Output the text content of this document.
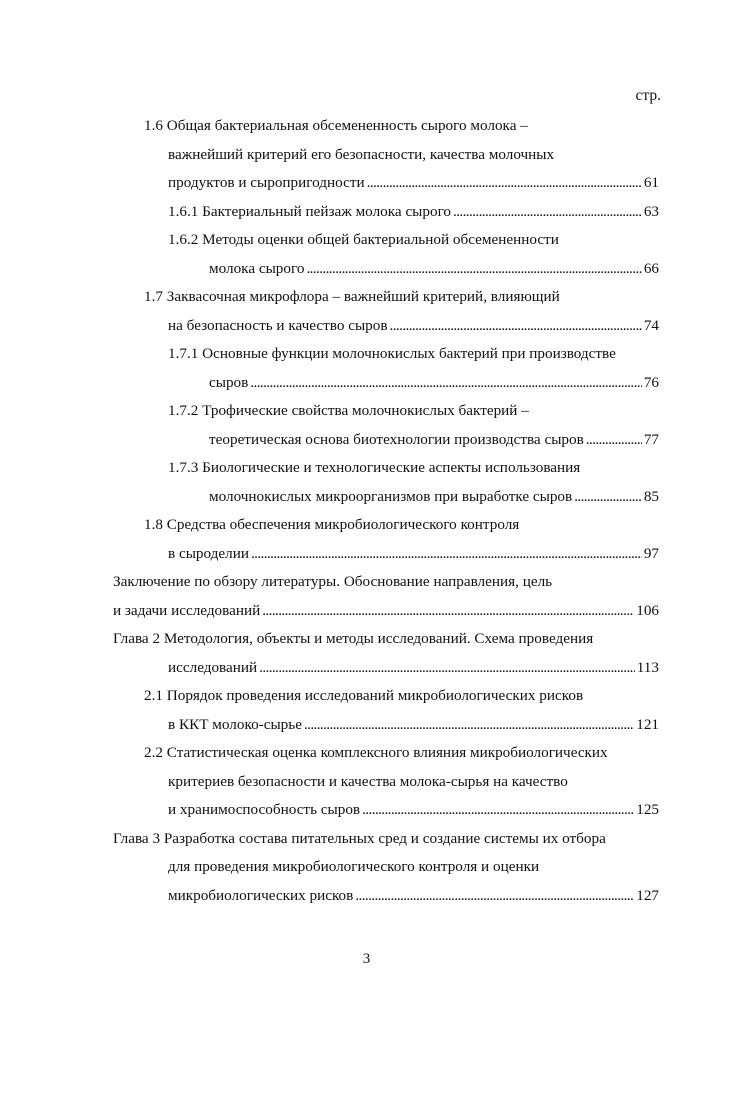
стр.
1.6 Общая бактериальная обсемененность сырого молока –
важнейший критерий его безопасности, качества молочных
продуктов и сыропригодности . . .	61
1.6.1 Бактериальный пейзаж молока сырого . . .	63
1.6.2 Методы оценки общей бактериальной обсемененности
молока сырого . . .	66
1.7 Заквасочная микрофлора – важнейший критерий, влияющий
на безопасность и качество сыров . . .	74
1.7.1 Основные функции молочнокислых бактерий при производстве
сыров . . .	76
1.7.2 Трофические свойства молочнокислых бактерий –
теоретическая основа биотехнологии производства сыров . . .	77
1.7.3 Биологические и технологические аспекты использования
молочнокислых микроорганизмов при выработке сыров . . .	85
1.8 Средства обеспечения микробиологического контроля
в сыроделии . . .	97
Заключение по обзору литературы. Обоснование направления, цель
и задачи исследований . . .	106
Глава 2 Методология, объекты и методы исследований. Схема проведения
исследований . . .	113
2.1 Порядок проведения исследований микробиологических рисков
в ККТ молоко-сырье . . .	121
2.2 Статистическая оценка комплексного влияния микробиологических
критериев безопасности и качества молока-сырья на качество
и хранимоспособность сыров . . .	125
Глава 3 Разработка состава питательных сред и создание системы их отбора
для проведения микробиологического контроля и оценки
микробиологических рисков . . .	127
3
